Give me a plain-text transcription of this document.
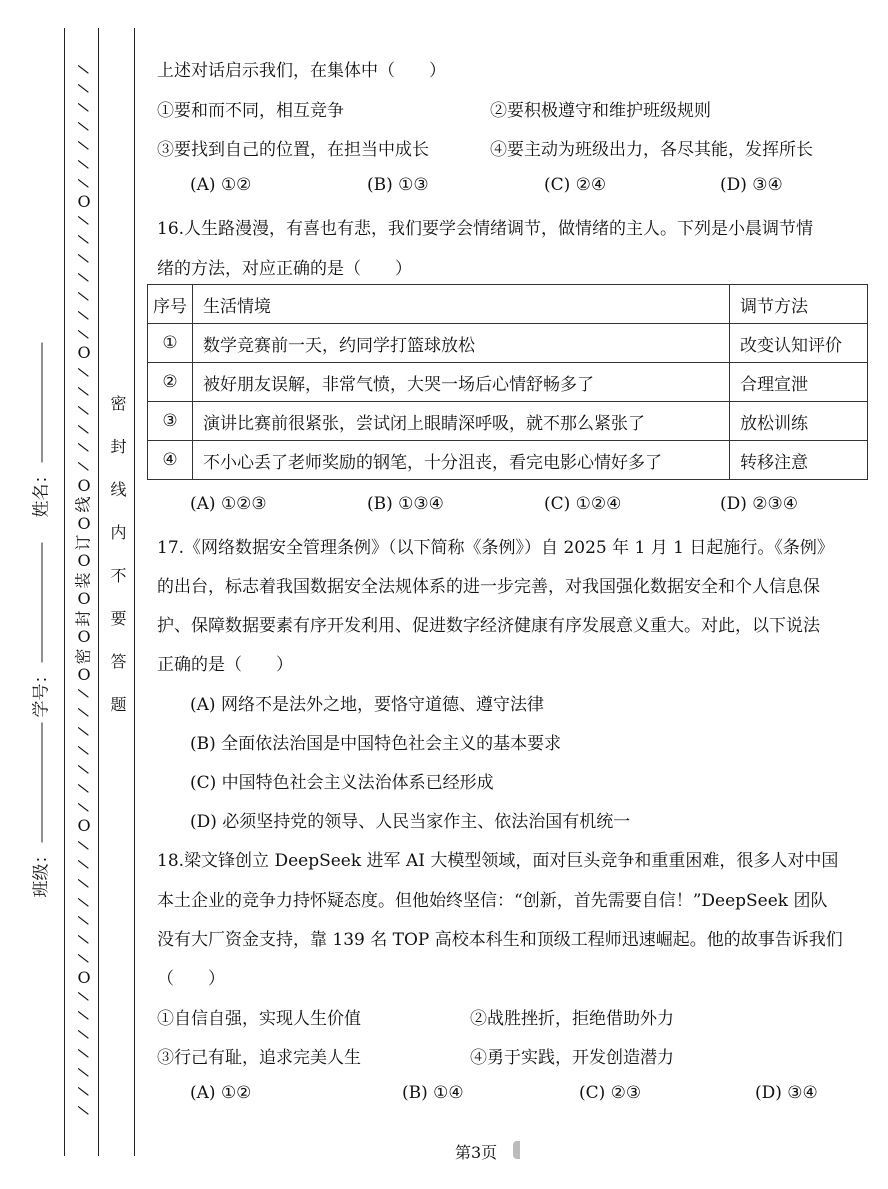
/
/
/
/
/
/
/
O
/
/
/
/
/
/
/
O
/
/
/
/
/
/
O
线
O
订
O
装
O
封
O
密
O
/
/
/
/
/
/
/
O
/
/
/
/
/
/
/
O
/
/
/
/
/
/
/
密封线内不要答题
姓名：
学号：
班级：
上述对话启示我们，在集体中（　　）
①要和而不同，相互竞争	②要积极遵守和维护班级规则
③要找到自己的位置，在担当中成长	④要主动为班级出力，各尽其能，发挥所长
(A) ①②	(B) ①③	(C) ②④	(D) ③④
16.人生路漫漫，有喜也有悲，我们要学会情绪调节，做情绪的主人。下列是小晨调节情
绪的方法，对应正确的是（　　）
序号	生活情境	调节方法
①	数学竞赛前一天，约同学打篮球放松	改变认知评价
②	被好朋友误解，非常气愤，大哭一场后心情舒畅多了	合理宣泄
③	演讲比赛前很紧张，尝试闭上眼睛深呼吸，就不那么紧张了	放松训练
④	不小心丢了老师奖励的钢笔，十分沮丧，看完电影心情好多了	转移注意
(A) ①②③	(B) ①③④	(C) ①②④	(D) ②③④
17.《网络数据安全管理条例》（以下简称《条例》）自 2025 年 1 月 1 日起施行。《条例》
的出台，标志着我国数据安全法规体系的进一步完善，对我国强化数据安全和个人信息保
护、保障数据要素有序开发利用、促进数字经济健康有序发展意义重大。对此，以下说法
正确的是（　　）
(A) 网络不是法外之地，要恪守道德、遵守法律
(B) 全面依法治国是中国特色社会主义的基本要求
(C) 中国特色社会主义法治体系已经形成
(D) 必须坚持党的领导、人民当家作主、依法治国有机统一
18.梁文锋创立 DeepSeek 进军 AI 大模型领域，面对巨头竞争和重重困难，很多人对中国
本土企业的竞争力持怀疑态度。但他始终坚信：“创新，首先需要自信！”DeepSeek 团队
没有大厂资金支持，靠 139 名 TOP 高校本科生和顶级工程师迅速崛起。他的故事告诉我们
（　　）
①自信自强，实现人生价值	②战胜挫折，拒绝借助外力
③行己有耻，追求完美人生	④勇于实践，开发创造潜力
(A) ①②	(B) ①④	(C) ②③	(D) ③④
第3页
